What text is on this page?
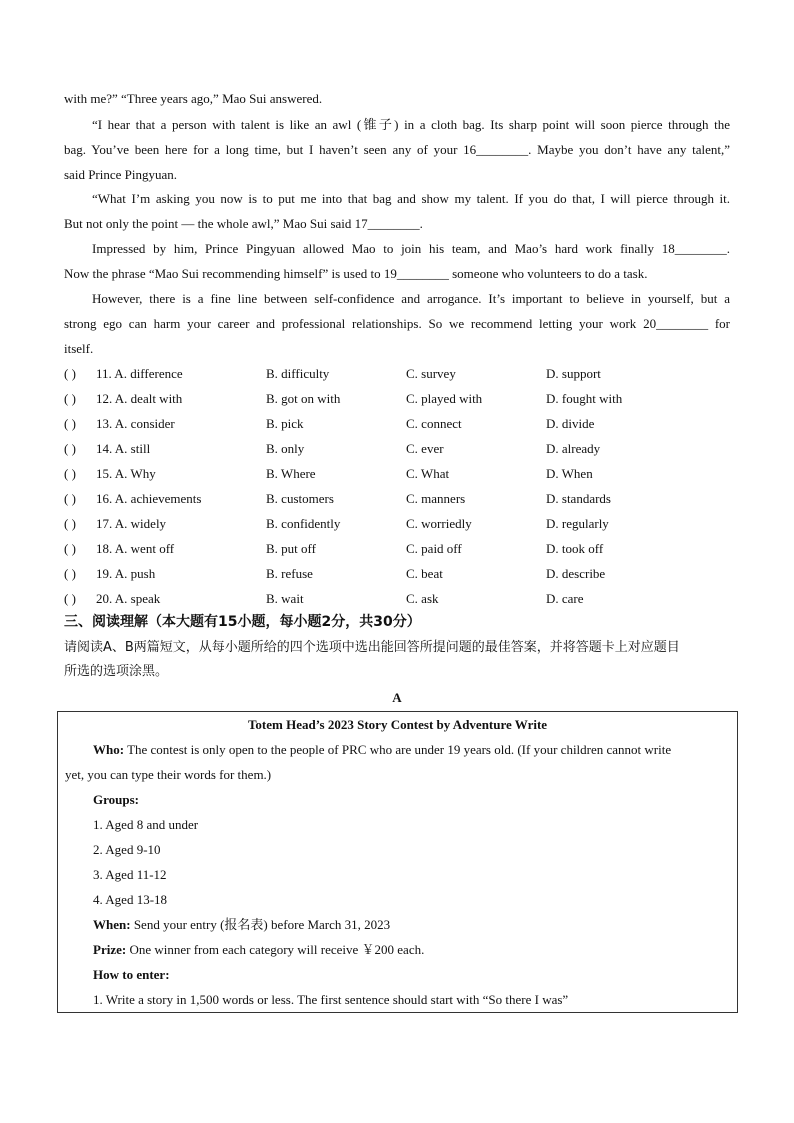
with me?” “Three years ago,” Mao Sui answered.
“I hear that a person with talent is like an awl (锥子) in a cloth bag. Its sharp point will soon pierce through the
bag. You’ve been here for a long time, but I haven’t seen any of your 16________. Maybe you don’t have any talent,”
said Prince Pingyuan.
“What I’m asking you now is to put me into that bag and show my talent. If you do that, I will pierce through it.
But not only the point — the whole awl,” Mao Sui said 17________.
Impressed by him, Prince Pingyuan allowed Mao to join his team, and Mao’s hard work finally 18________.
Now the phrase “Mao Sui recommending himself” is used to 19________ someone who volunteers to do a task.
However, there is a fine line between self-confidence and arrogance. It’s important to believe in yourself, but a
strong ego can harm your career and professional relationships. So we recommend letting your work 20________ for
itself.
( ) 11. A. difference	B. difficulty	C. survey	D. support
( ) 12. A. dealt with	B. got on with	C. played with	D. fought with
( ) 13. A. consider	B. pick	C. connect	D. divide
( ) 14. A. still	B. only	C. ever	D. already
( ) 15. A. Why	B. Where	C. What	D. When
( ) 16. A. achievements	B. customers	C. manners	D. standards
( ) 17. A. widely	B. confidently	C. worriedly	D. regularly
( ) 18. A. went off	B. put off	C. paid off	D. took off
( ) 19. A. push	B. refuse	C. beat	D. describe
( ) 20. A. speak	B. wait	C. ask	D. care
三、阅读理解（本大题有15小题，每小题2分，共30分）
请阅读A、B两篇短文，从每小题所给的四个选项中选出能回答所提问题的最佳答案，并将答题卡上对应题目
所选的选项涂黑。
A
Totem Head’s 2023 Story Contest by Adventure Write
Who: The contest is only open to the people of PRC who are under 19 years old. (If your children cannot write
yet, you can type their words for them.)
Groups:
1. Aged 8 and under
2. Aged 9-10
3. Aged 11-12
4. Aged 13-18
When: Send your entry (报名表) before March 31, 2023
Prize: One winner from each category will receive ￥200 each.
How to enter:
1. Write a story in 1,500 words or less. The first sentence should start with “So there I was”
